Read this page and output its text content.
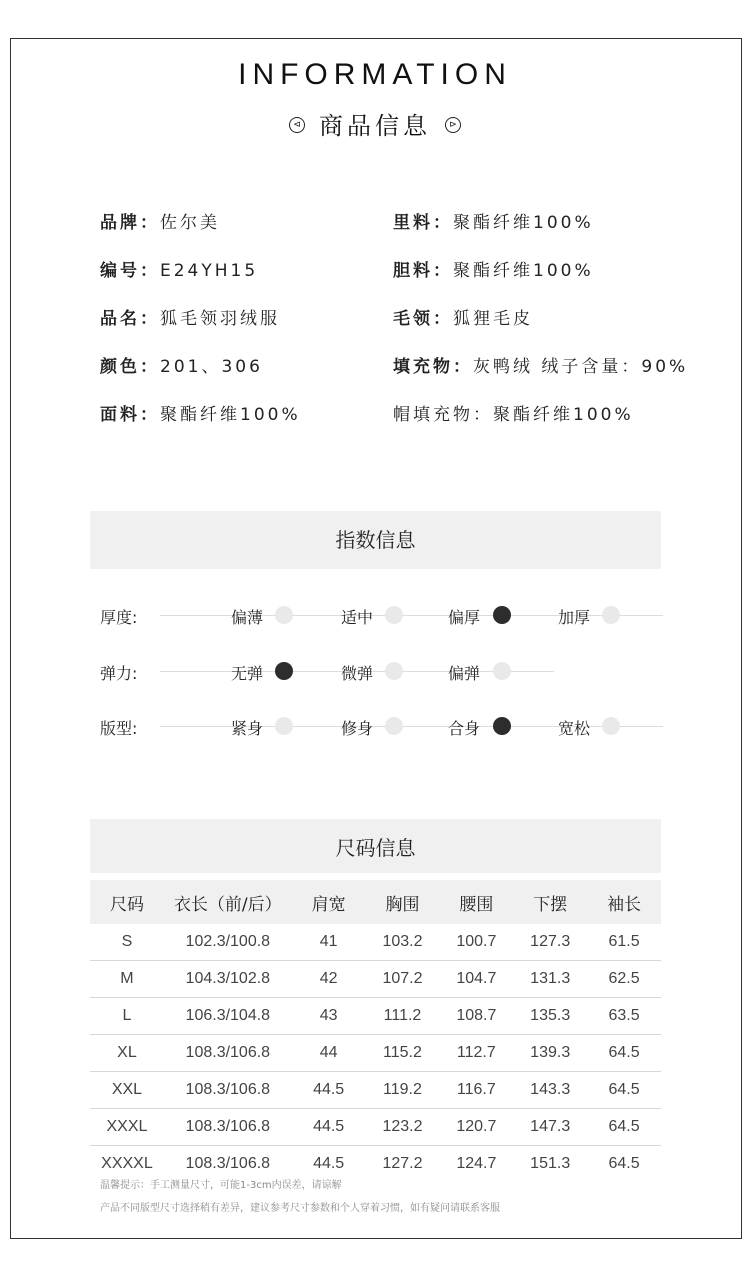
INFORMATION
⊲ 商品信息 ⊳
品牌：佐尔美	里料：聚酯纤维100%
编号：E24YH15	胆料：聚酯纤维100%
品名：狐毛领羽绒服	毛领：狐狸毛皮
颜色：201、306	填充物：灰鸭绒 绒子含量：90%
面料：聚酯纤维100%	帽填充物：聚酯纤维100%
指数信息
厚度:	偏薄	适中	偏厚	加厚
弹力:	无弹	微弹	偏弹
版型:	紧身	修身	合身	宽松
尺码信息
尺码	衣长（前/后）	肩宽	胸围	腰围	下摆	袖长
S	102.3/100.8	41	103.2	100.7	127.3	61.5
M	104.3/102.8	42	107.2	104.7	131.3	62.5
L	106.3/104.8	43	111.2	108.7	135.3	63.5
XL	108.3/106.8	44	115.2	112.7	139.3	64.5
XXL	108.3/106.8	44.5	119.2	116.7	143.3	64.5
XXXL	108.3/106.8	44.5	123.2	120.7	147.3	64.5
XXXXL	108.3/106.8	44.5	127.2	124.7	151.3	64.5
温馨提示：手工测量尺寸，可能1-3cm内误差，请谅解
产品不同版型尺寸选择稍有差异，建议参考尺寸参数和个人穿着习惯，如有疑问请联系客服
